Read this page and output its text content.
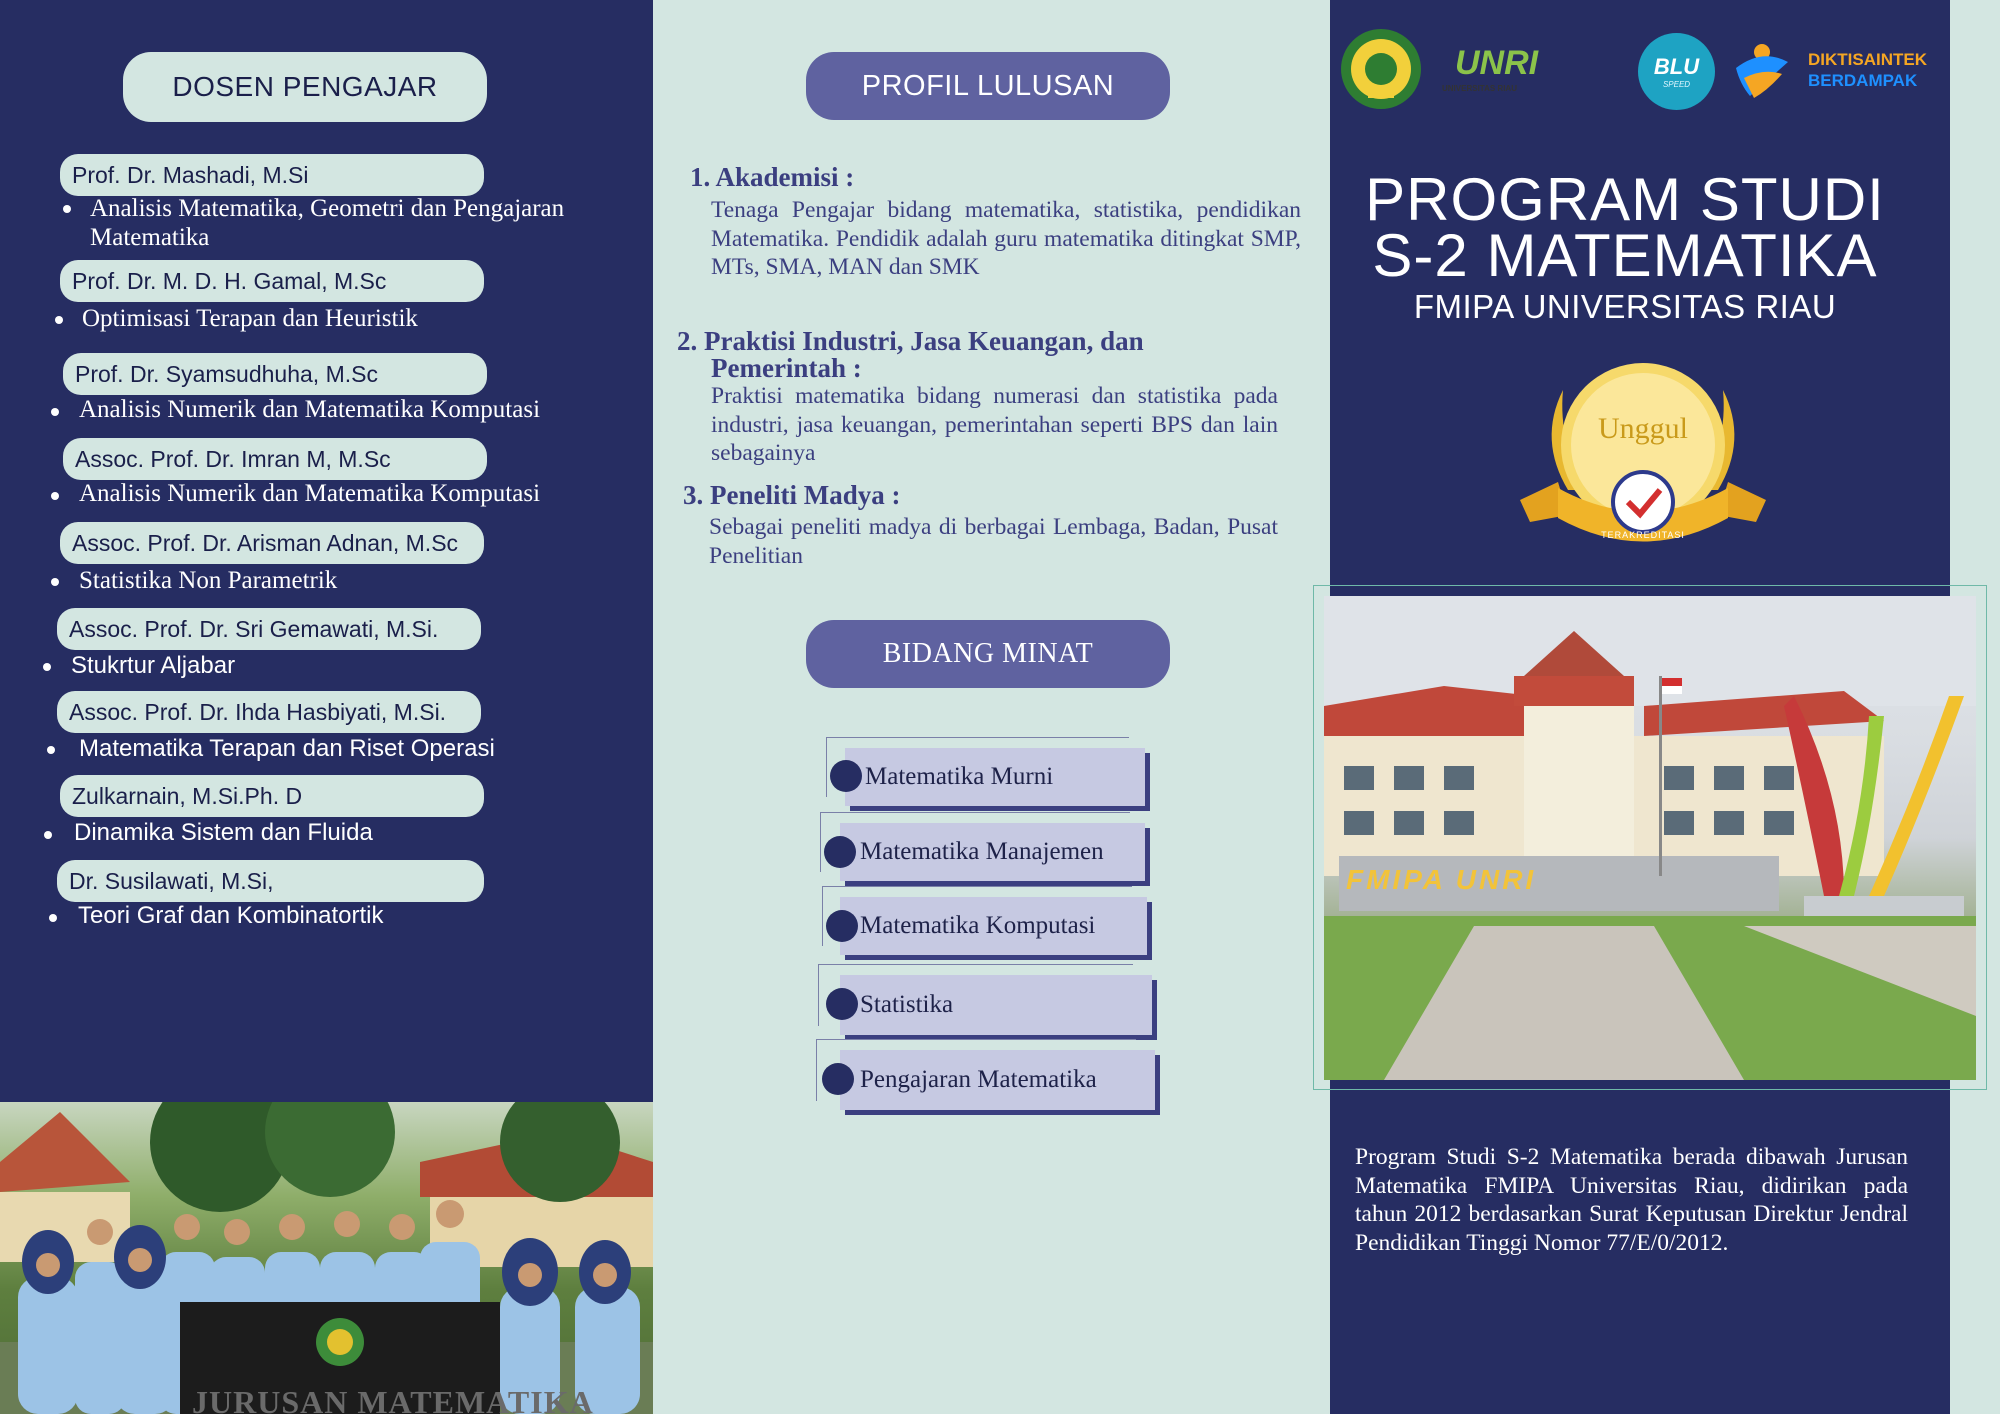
DOSEN PENGAJAR
Prof. Dr. Mashadi, M.Si
Analisis Matematika, Geometri dan Pengajaran Matematika
Prof. Dr. M. D. H. Gamal, M.Sc
Optimisasi Terapan dan Heuristik
Prof. Dr. Syamsudhuha, M.Sc
Analisis Numerik dan Matematika Komputasi
Assoc. Prof. Dr. Imran M, M.Sc
Analisis Numerik dan Matematika Komputasi
Assoc. Prof. Dr. Arisman Adnan, M.Sc
Statistika Non Parametrik
Assoc. Prof. Dr. Sri Gemawati, M.Si.
Stukrtur Aljabar
Assoc. Prof. Dr. Ihda Hasbiyati, M.Si.
Matematika Terapan dan Riset Operasi
Zulkarnain, M.Si.Ph. D
Dinamika Sistem dan Fluida
Dr. Susilawati, M.Si,
Teori Graf dan Kombinatortik
JURUSAN MATEMATIKA
PROFIL LULUSAN
1. Akademisi :
Tenaga Pengajar bidang matematika, statistika, pendidikan Matematika. Pendidik adalah guru matematika ditingkat SMP, MTs, SMA, MAN dan SMK
2. Praktisi Industri, Jasa Keuangan, dan
Pemerintah :
Praktisi matematika bidang numerasi dan statistika pada industri, jasa keuangan, pemerintahan seperti BPS dan lain sebagainya
3. Peneliti Madya :
Sebagai peneliti madya di berbagai Lembaga, Badan, Pusat Penelitian
BIDANG MINAT
Matematika Murni
Matematika Manajemen
Matematika Komputasi
Statistika
Pengajaran Matematika
UNRI
UNIVERSITAS RIAU
BLU
SPEED
DIKTISAINTEK
BERDAMPAK
PROGRAM STUDI
S-2 MATEMATIKA
FMIPA UNIVERSITAS RIAU
Unggul
TERAKREDITASI
FMIPA UNRI
Program Studi S-2 Matematika berada dibawah Jurusan Matematika FMIPA Universitas Riau, didirikan pada tahun 2012 berdasarkan Surat Keputusan Direktur Jendral Pendidikan Tinggi Nomor 77/E/0/2012.
